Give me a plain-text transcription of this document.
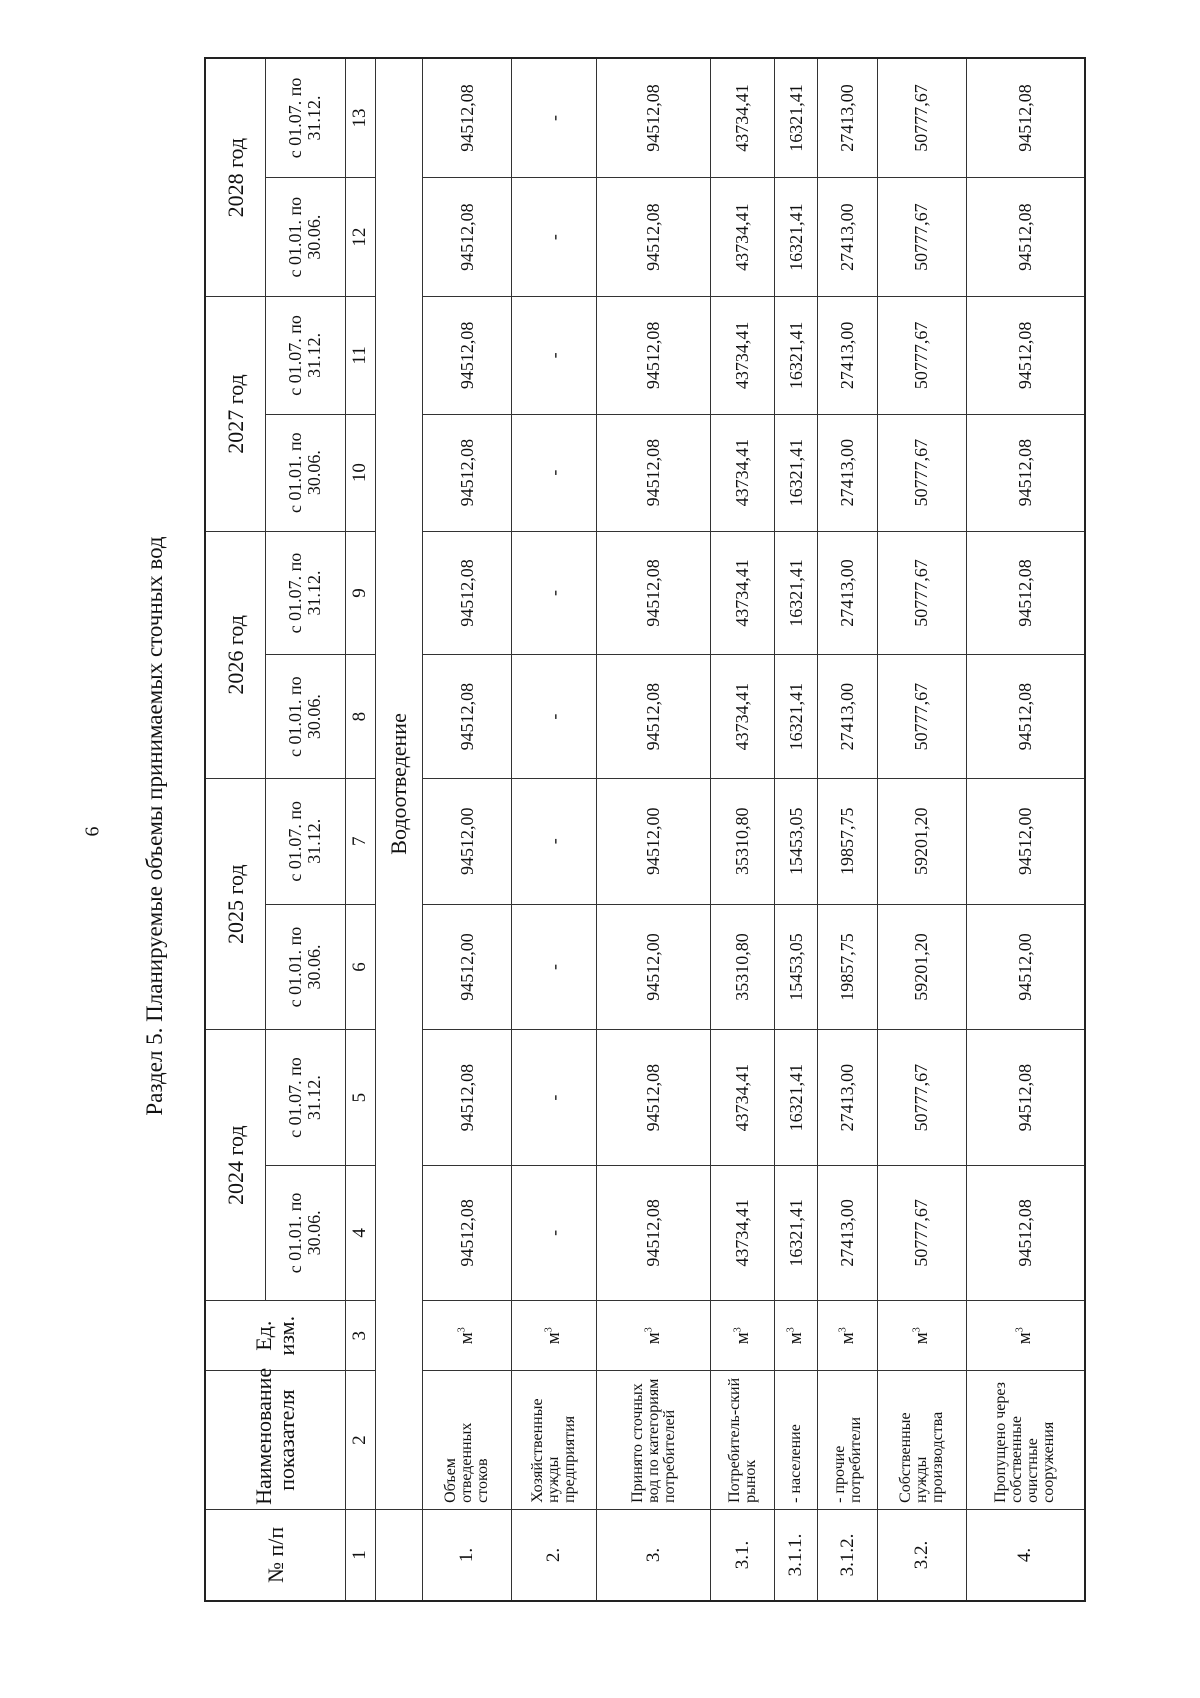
6 Раздел 5. Планируемые объемы принимаемых сточных вод
№ п/п	Наименование показателя	Ед. изм.	2024 год		2025 год		2026 год		2027 год		2028 год	
			с 01.01. по 30.06.	с 01.07. по 31.12.	с 01.01. по 30.06.	с 01.07. по 31.12.	с 01.01. по 30.06.	с 01.07. по 31.12.	с 01.01. по 30.06.	с 01.07. по 31.12.	с 01.01. по 30.06.	с 01.07. по 31.12.
1	2	3	4	5	6	7	8	9	10	11	12	13
	Водоотведение											
1.	Объем отведенных стоков	$м^3$	94512,08	94512,08	94512,00	94512,00	94512,08	94512,08	94512,08	94512,08	94512,08	94512,08
2.	Хозяйственные нужды предприятия	$м^3$	-	-	-	-	-	-	-	-	-	-
3.	Принято сточных вод по категориям потребителей	$м^3$	94512,08	94512,08	94512,00	94512,00	94512,08	94512,08	94512,08	94512,08	94512,08	94512,08
3.1.	Потребитель-ский рынок	$м^3$	43734,41	43734,41	35310,80	35310,80	43734,41	43734,41	43734,41	43734,41	43734,41	43734,41
3.1.1.	- население	$м^3$	16321,41	16321,41	15453,05	15453,05	16321,41	16321,41	16321,41	16321,41	16321,41	16321,41
3.1.2.	- прочие потребители	$м^3$	27413,00	27413,00	19857,75	19857,75	27413,00	27413,00	27413,00	27413,00	27413,00	27413,00
3.2.	Собственные нужды производства	$м^3$	50777,67	50777,67	59201,20	59201,20	50777,67	50777,67	50777,67	50777,67	50777,67	50777,67
4.	Пропущено через собственные очистные сооружения	$м^3$	94512,08	94512,08	94512,00	94512,00	94512,08	94512,08	94512,08	94512,08	94512,08	94512,08
